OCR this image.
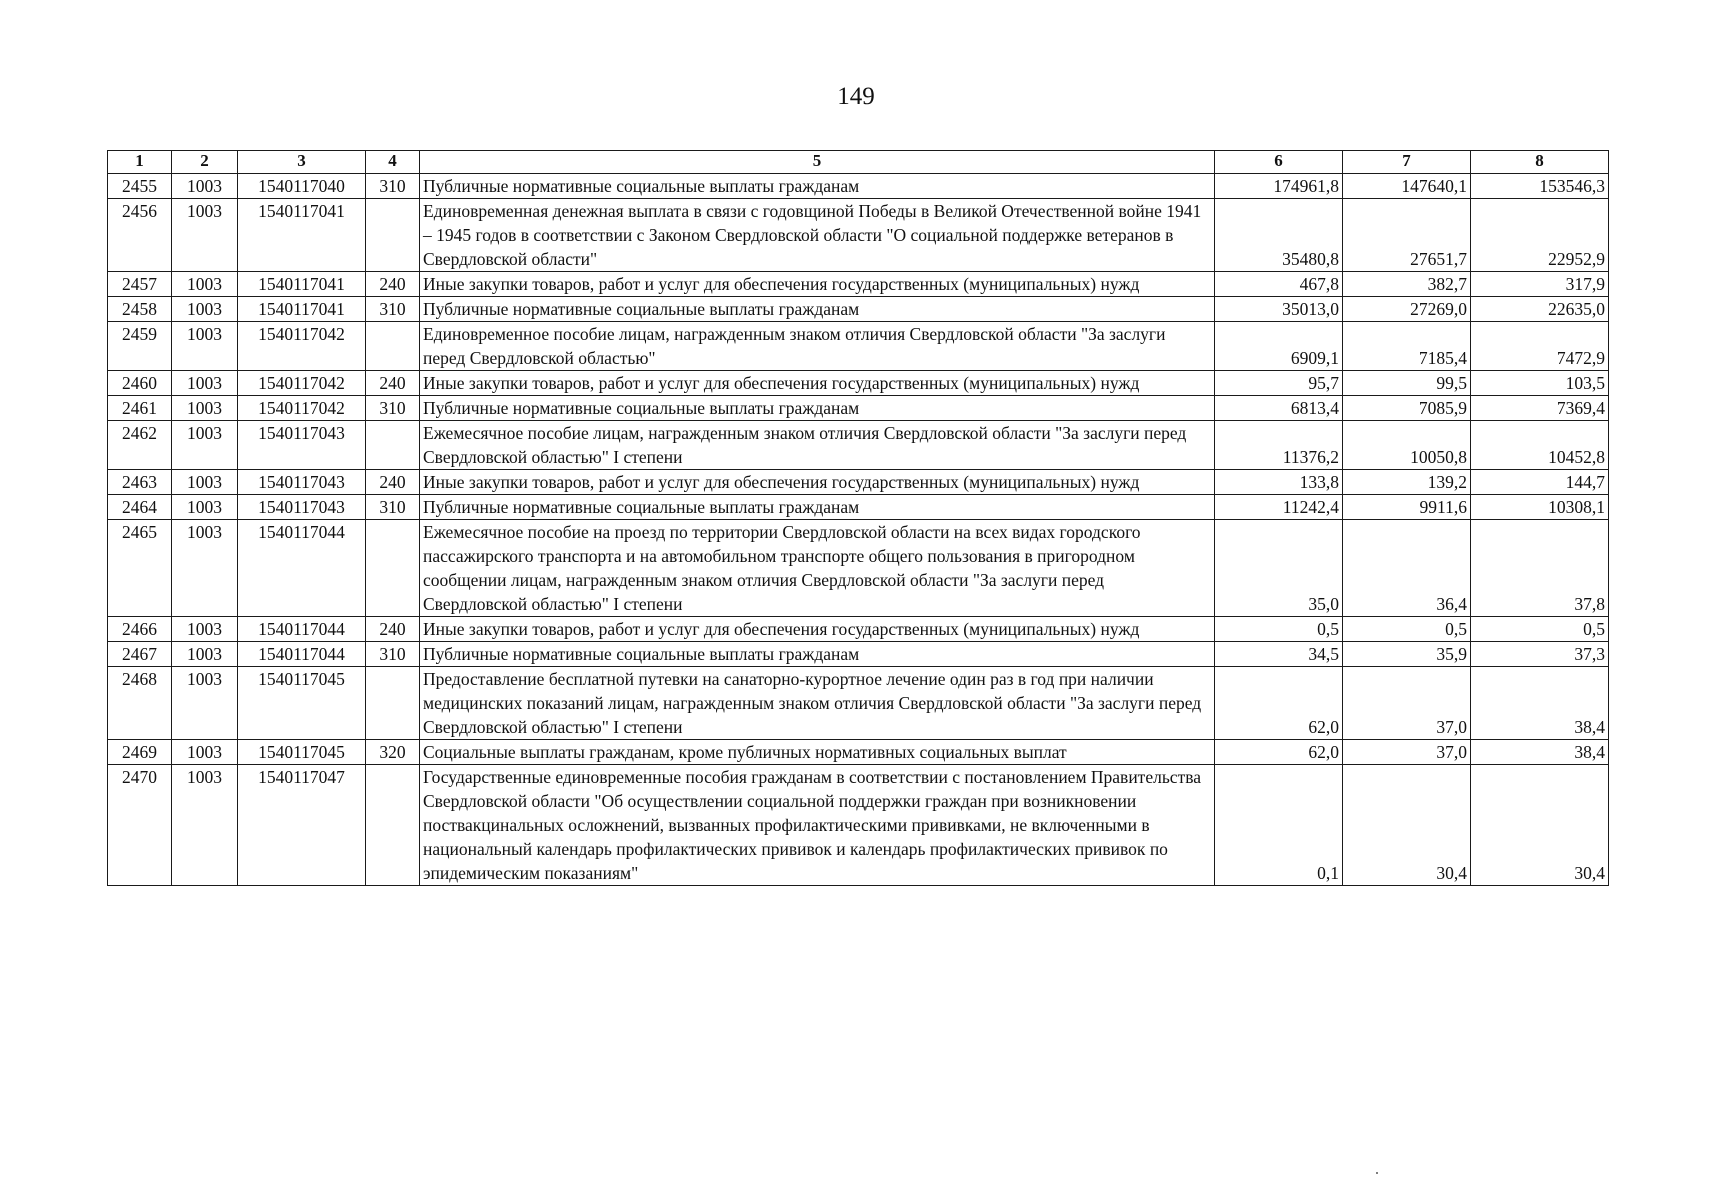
149
1	2	3	4	5	6	7	8
2455	1003	1540117040	310	Публичные нормативные социальные выплаты гражданам	174961,8	147640,1	153546,3
2456	1003	1540117041		Единовременная денежная выплата в связи с годовщиной Победы в Великой Отечественной войне 1941 – 1945 годов в соответствии с Законом Свердловской области "О социальной поддержке ветеранов в Свердловской области"	35480,8	27651,7	22952,9
2457	1003	1540117041	240	Иные закупки товаров, работ и услуг для обеспечения государственных (муниципальных) нужд	467,8	382,7	317,9
2458	1003	1540117041	310	Публичные нормативные социальные выплаты гражданам	35013,0	27269,0	22635,0
2459	1003	1540117042		Единовременное пособие лицам, награжденным знаком отличия Свердловской области "За заслуги перед Свердловской областью"	6909,1	7185,4	7472,9
2460	1003	1540117042	240	Иные закупки товаров, работ и услуг для обеспечения государственных (муниципальных) нужд	95,7	99,5	103,5
2461	1003	1540117042	310	Публичные нормативные социальные выплаты гражданам	6813,4	7085,9	7369,4
2462	1003	1540117043		Ежемесячное пособие лицам, награжденным знаком отличия Свердловской области "За заслуги перед Свердловской областью" I степени	11376,2	10050,8	10452,8
2463	1003	1540117043	240	Иные закупки товаров, работ и услуг для обеспечения государственных (муниципальных) нужд	133,8	139,2	144,7
2464	1003	1540117043	310	Публичные нормативные социальные выплаты гражданам	11242,4	9911,6	10308,1
2465	1003	1540117044		Ежемесячное пособие на проезд по территории Свердловской области на всех видах городского пассажирского транспорта и на автомобильном транспорте общего пользования в пригородном сообщении лицам, награжденным знаком отличия Свердловской области "За заслуги перед Свердловской областью" I степени	35,0	36,4	37,8
2466	1003	1540117044	240	Иные закупки товаров, работ и услуг для обеспечения государственных (муниципальных) нужд	0,5	0,5	0,5
2467	1003	1540117044	310	Публичные нормативные социальные выплаты гражданам	34,5	35,9	37,3
2468	1003	1540117045		Предоставление бесплатной путевки на санаторно-курортное лечение один раз в год при наличии медицинских показаний лицам, награжденным знаком отличия Свердловской области "За заслуги перед Свердловской областью" I степени	62,0	37,0	38,4
2469	1003	1540117045	320	Социальные выплаты гражданам, кроме публичных нормативных социальных выплат	62,0	37,0	38,4
2470	1003	1540117047		Государственные единовременные пособия гражданам в соответствии с постановлением Правительства Свердловской области "Об осуществлении социальной поддержки граждан при возникновении поствакцинальных осложнений, вызванных профилактическими прививками, не включенными в национальный календарь профилактических прививок и календарь профилактических прививок по эпидемическим показаниям"	0,1	30,4	30,4
